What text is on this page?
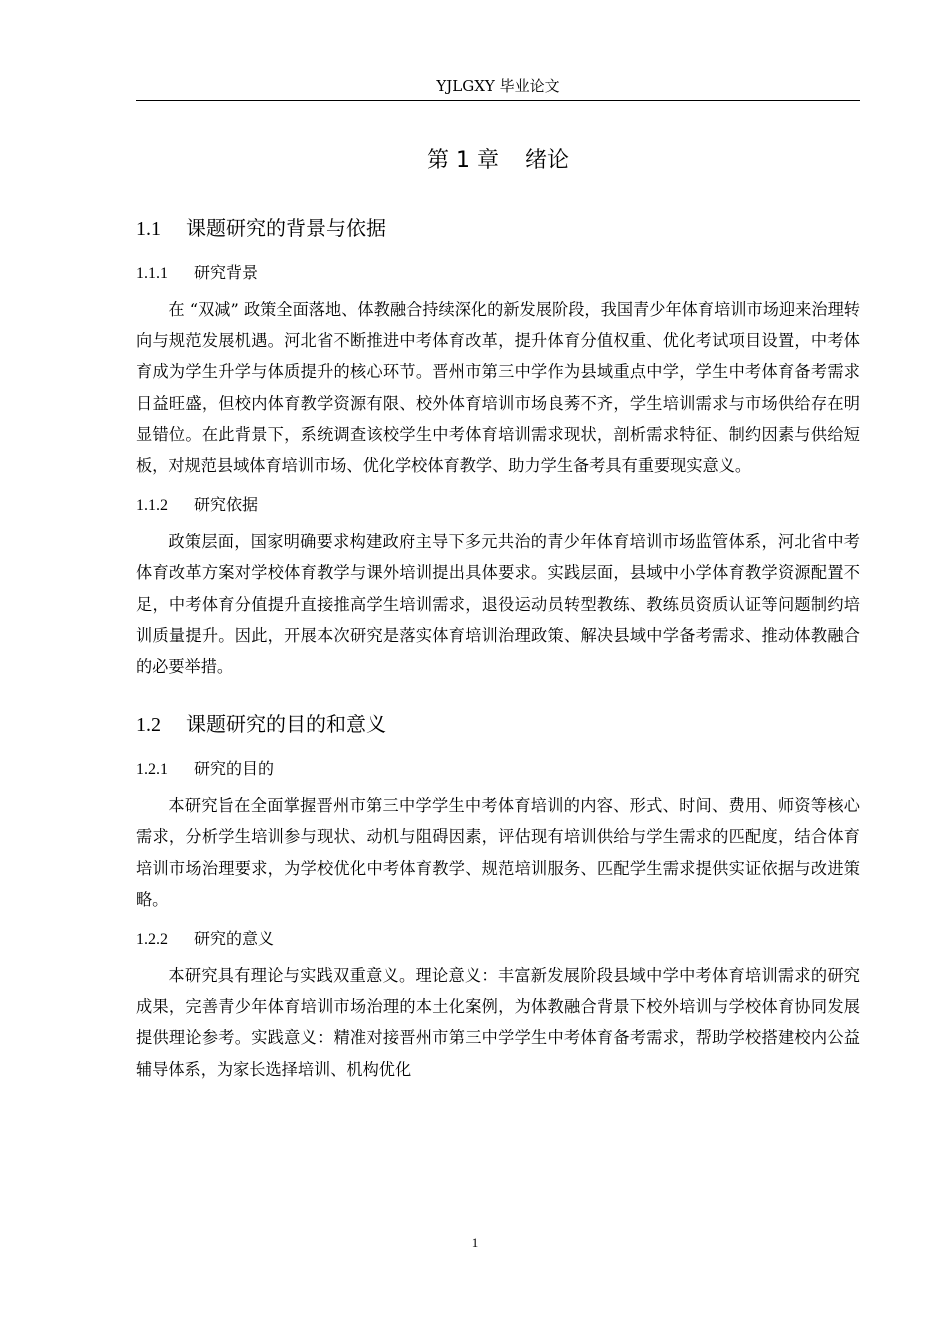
YJLGXY 毕业论文
第 1 章 绪论
1.1 课题研究的背景与依据
1.1.1 研究背景

在 “双减” 政策全面落地、体教融合持续深化的新发展阶段，我国青少年体育培训市场迎来治理转向与规范发展机遇。河北省不断推进中考体育改革，提升体育分值权重、优化考试项目设置，中考体育成为学生升学与体质提升的核心环节。晋州市第三中学作为县域重点中学，学生中考体育备考需求日益旺盛，但校内体育教学资源有限、校外体育培训市场良莠不齐，学生培训需求与市场供给存在明显错位。在此背景下，系统调查该校学生中考体育培训需求现状，剖析需求特征、制约因素与供给短板，对规范县域体育培训市场、优化学校体育教学、助力学生备考具有重要现实意义。

1.1.2 研究依据

政策层面，国家明确要求构建政府主导下多元共治的青少年体育培训市场监管体系，河北省中考体育改革方案对学校体育教学与课外培训提出具体要求。实践层面，县域中小学体育教学资源配置不足，中考体育分值提升直接推高学生培训需求，退役运动员转型教练、教练员资质认证等问题制约培训质量提升。因此，开展本次研究是落实体育培训治理政策、解决县域中学备考需求、推动体教融合的必要举措。

1.2 课题研究的目的和意义
1.2.1 研究的目的

本研究旨在全面掌握晋州市第三中学学生中考体育培训的内容、形式、时间、费用、师资等核心需求，分析学生培训参与现状、动机与阻碍因素，评估现有培训供给与学生需求的匹配度，结合体育培训市场治理要求，为学校优化中考体育教学、规范培训服务、匹配学生需求提供实证依据与改进策略。

1.2.2 研究的意义

本研究具有理论与实践双重意义。理论意义：丰富新发展阶段县域中学中考体育培训需求的研究成果，完善青少年体育培训市场治理的本土化案例，为体教融合背景下校外培训与学校体育协同发展提供理论参考。实践意义：精准对接晋州市第三中学学生中考体育备考需求，帮助学校搭建校内公益辅导体系，为家长选择培训、机构优化

1
